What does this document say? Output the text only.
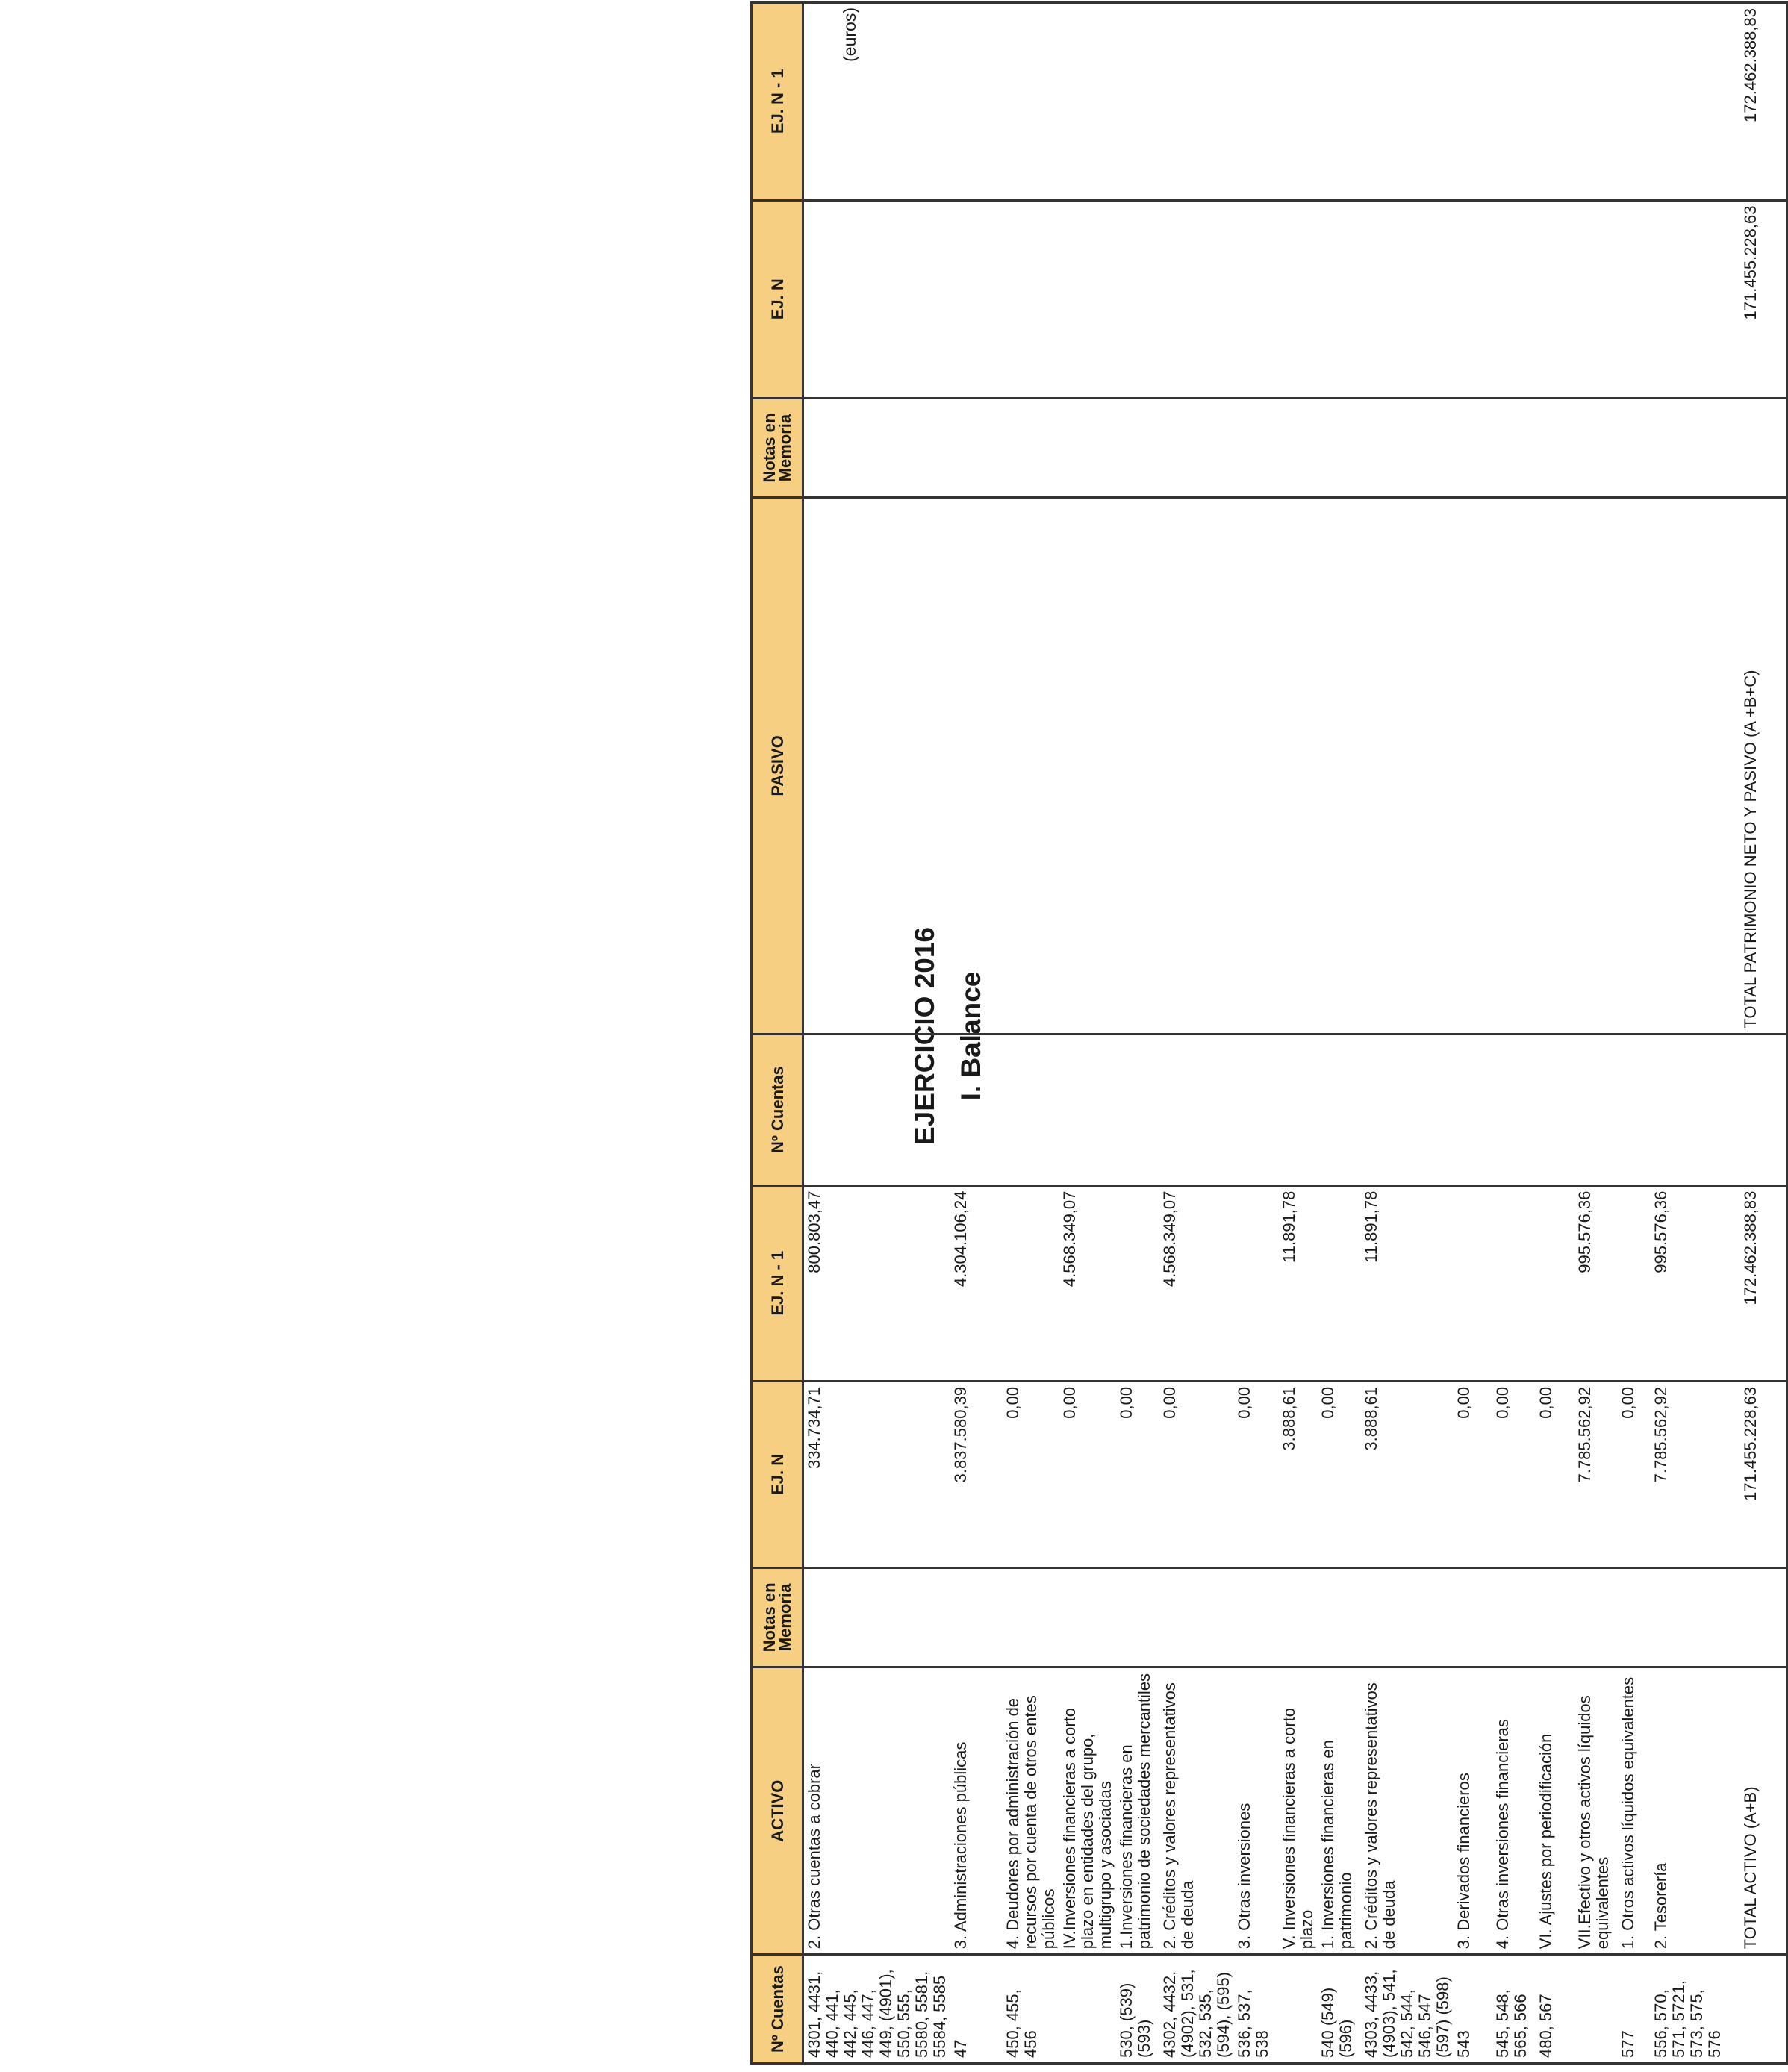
I. Balance
EJERCICIO 2016
(euros)
Nº Cuentas	ACTIVO	Notas en Memoria	EJ. N	EJ. N - 1	Nº Cuentas	PASIVO	Notas en Memoria	EJ. N	EJ. N - 1
4301, 4431, 440, 441, 442, 445, 446, 447, 449, (4901), 550, 555, 5580, 5581, 5584, 5585	2. Otras cuentas a cobrar		334.734,71	800.803,47					
47	3. Administraciones públicas		3.837.580,39	4.304.106,24					
450, 455, 456	4. Deudores por administración de recursos por cuenta de otros entes públicos		0,00						
	IV.Inversiones financieras a corto plazo en entidades del grupo, multigrupo y asociadas		0,00	4.568.349,07					
530, (539) (593)	1.Inversiones financieras en patrimonio de sociedades mercantiles		0,00						
4302, 4432, (4902), 531, 532, 535, (594), (595)	2. Créditos y valores representativos de deuda		0,00	4.568.349,07					
536, 537, 538	3. Otras inversiones		0,00						
	V. Inversiones financieras a corto plazo		3.888,61	11.891,78					
540 (549) (596)	1. Inversiones financieras en patrimonio		0,00						
4303, 4433, (4903), 541, 542, 544, 546, 547 (597) (598)	2. Créditos y valores representativos de deuda		3.888,61	11.891,78					
543	3. Derivados financieros		0,00						
545, 548, 565, 566	4. Otras inversiones financieras		0,00						
480, 567	VI. Ajustes por periodificación		0,00						
	VII.Efectivo y otros activos líquidos equivalentes		7.785.562,92	995.576,36					
577	1. Otros activos líquidos equivalentes		0,00						
556, 570, 571, 5721, 573, 575, 576	2. Tesorería		7.785.562,92	995.576,36					
	TOTAL ACTIVO (A+B)		171.455.228,63	172.462.388,83		TOTAL PATRIMONIO NETO Y PASIVO (A +B+C)		171.455.228,63	172.462.388,83
